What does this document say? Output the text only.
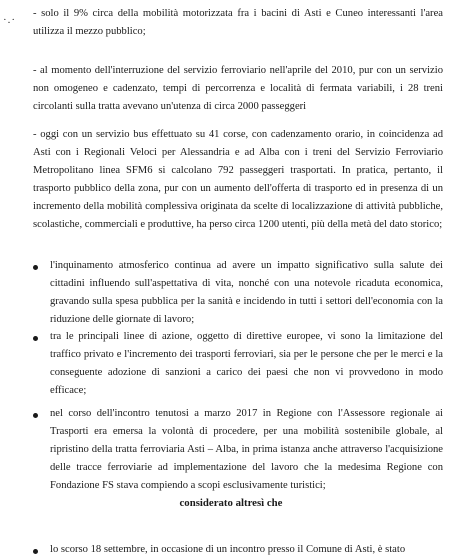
·.·

- solo il 9% circa della mobilità motorizzata fra i bacini di Asti e Cuneo interessanti l'area utilizza il mezzo pubblico;

- al momento dell'interruzione del servizio ferroviario nell'aprile del 2010, pur con un servizio non omogeneo e cadenzato, tempi di percorrenza e località di fermata variabili, i 28 treni circolanti sulla tratta avevano un'utenza di circa 2000 passeggeri

- oggi con un servizio bus effettuato su 41 corse, con cadenzamento orario, in coincidenza ad Asti con i Regionali Veloci per Alessandria e ad Alba con i treni del Servizio Ferroviario Metropolitano linea SFM6 si calcolano 792 passeggeri trasportati. In pratica, pertanto, il trasporto pubblico della zona, pur con un aumento dell'offerta di trasporto ed in presenza di un incremento della mobilità complessiva originata da scelte di localizzazione di attività pubbliche, scolastiche, commerciali e produttive, ha perso circa 1200 utenti, più della metà del dato storico;

l'inquinamento atmosferico continua ad avere un impatto significativo sulla salute dei cittadini influendo sull'aspettativa di vita, nonché con una notevole ricaduta economica, gravando sulla spesa pubblica per la sanità e incidendo in tutti i settori dell'economia con la riduzione delle giornate di lavoro;

tra le principali linee di azione, oggetto di direttive europee, vi sono la limitazione del traffico privato e l'incremento dei trasporti ferroviari, sia per le persone che per le merci e la conseguente adozione di sanzioni a carico dei paesi che non vi provvedono in modo efficace;

nel corso dell'incontro tenutosi a marzo 2017 in Regione con l'Assessore regionale ai Trasporti era emersa la volontà di procedere, per una mobilità sostenibile globale, al ripristino della tratta ferroviaria Asti – Alba, in prima istanza anche attraverso l'acquisizione delle tracce ferroviarie ad implementazione del lavoro che la medesima Regione con Fondazione FS stava compiendo a scopi esclusivamente turistici;

considerato altresì che

lo scorso 18 settembre, in occasione di un incontro presso il Comune di Asti, è stato
